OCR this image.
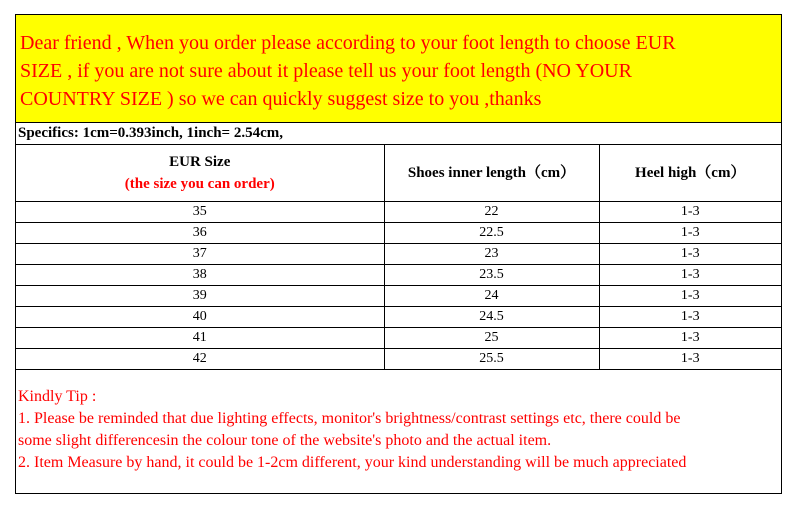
Dear friend , When you order please according to your foot length to choose EUR
SIZE , if you are not sure about it please tell us your foot length (NO YOUR
COUNTRY SIZE ) so we can quickly suggest size to you ,thanks
Specifics: 1cm=0.393inch, 1inch= 2.54cm,
EUR Size
(the size you can order)	Shoes inner length（cm）	Heel high（cm）
35	22	1-3
36	22.5	1-3
37	23	1-3
38	23.5	1-3
39	24	1-3
40	24.5	1-3
41	25	1-3
42	25.5	1-3
Kindly Tip :
1. Please be reminded that due lighting effects, monitor's brightness/contrast settings etc, there could be
some slight differencesin the colour tone of the website's photo and the actual item.
2. Item Measure by hand, it could be 1-2cm different, your kind understanding will be much appreciated
